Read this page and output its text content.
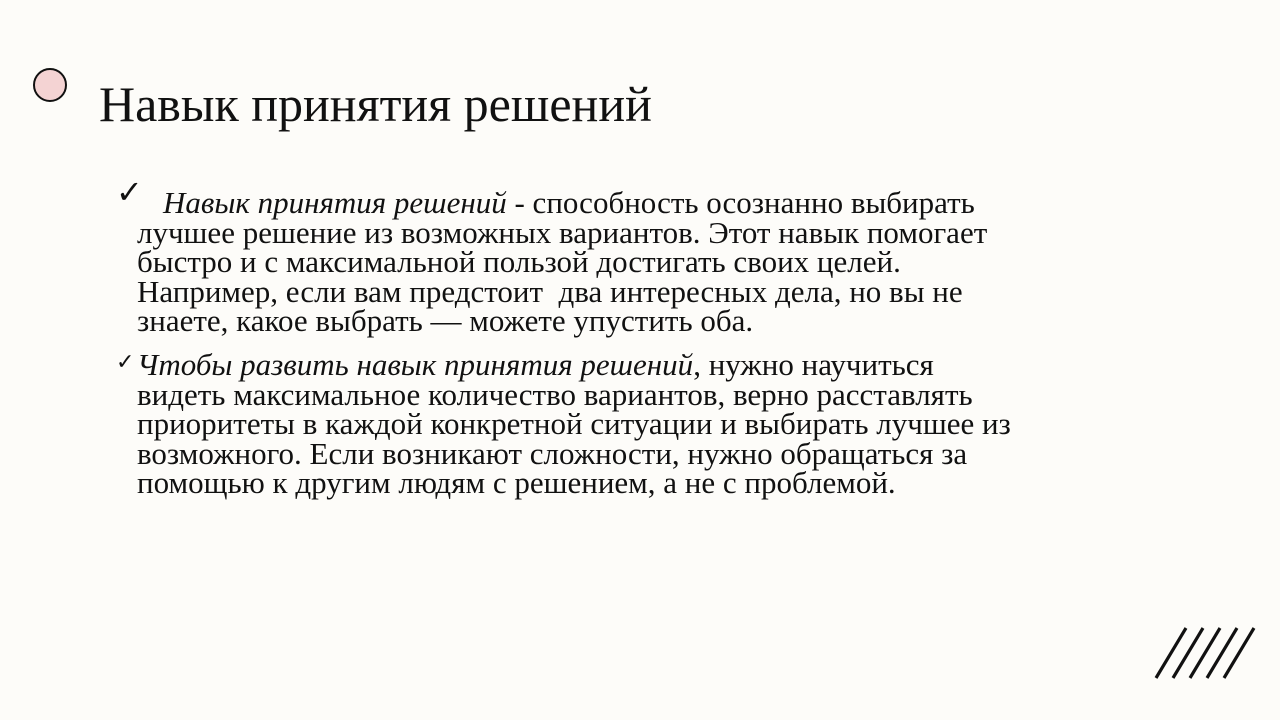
Навык принятия решений
✓ Навык принятия решений - способность осознанно выбирать
лучшее решение из возможных вариантов. Этот навык помогает
быстро и с максимальной пользой достигать своих целей.
Например, если вам предстоит  два интересных дела, но вы не
знаете, какое выбрать — можете упустить оба.

✓ Чтобы развить навык принятия решений, нужно научиться
видеть максимальное количество вариантов, верно расставлять
приоритеты в каждой конкретной ситуации и выбирать лучшее из
возможного. Если возникают сложности, нужно обращаться за
помощью к другим людям с решением, а не с проблемой.
